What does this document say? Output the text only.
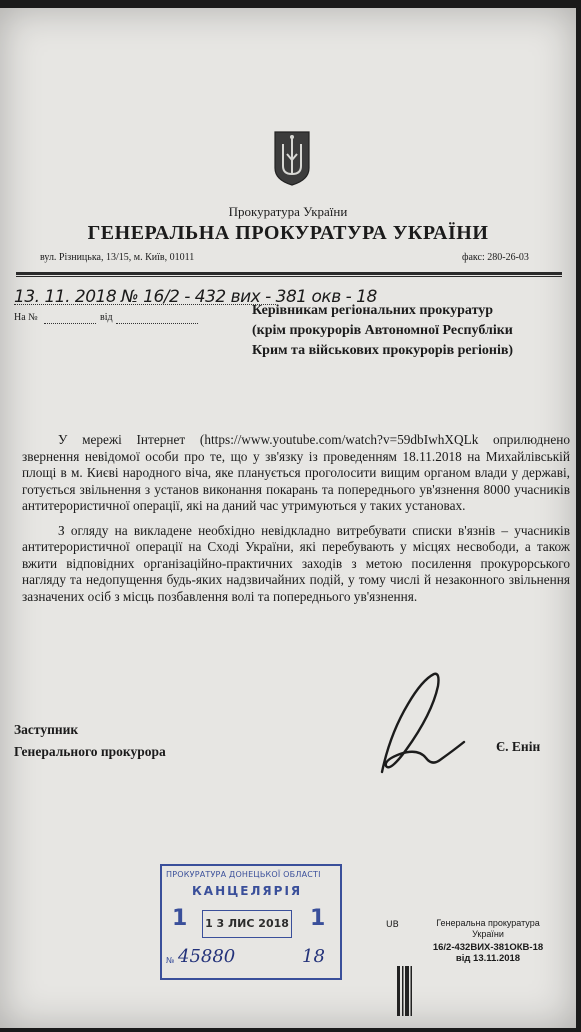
Прокуратура України
ГЕНЕРАЛЬНА ПРОКУРАТУРА УКРАЇНИ
вул. Різницька, 13/15, м. Київ, 01011	факс: 280-26-03
13. 11. 2018 № 16/2 - 432 вих - 381 окв - 18
На №	від	Керівникам регіональних прокуратур
(крім прокурорів Автономної Республіки
Крим та військових прокурорів регіонів)

У мережі Інтернет (https://www.youtube.com/watch?v=59dbIwhXQLk оприлюднено звернення невідомої особи про те, що у зв'язку із проведенням 18.11.2018 на Михайлівській площі в м. Києві народного віча, яке планується проголосити вищим органом влади у державі, готується звільнення з установ виконання покарань та попереднього ув'язнення 8000 учасників антитерористичної операції, які на даний час утримуються у таких установах.

З огляду на викладене необхідно невідкладно витребувати списки в'язнів – учасників антитерористичної операції на Сході України, які перебувають у місцях несвободи, а також вжити відповідних організаційно-практичних заходів з метою посилення прокурорського нагляду та недопущення будь-яких надзвичайних подій, у тому числі й незаконного звільнення зазначених осіб з місць позбавлення волі та попереднього ув'язнення.

Заступник
Генерального прокурора	Є. Енін
ПРОКУРАТУРА ДОНЕЦЬКОЇ ОБЛАСТІ
КАНЦЕЛЯРІЯ
1 1 3 ЛИС 2018 1
№ 45880	18
UB	Генеральна прокуратура
України
16/2-432ВИХ-381ОКВ-18
від 13.11.2018
